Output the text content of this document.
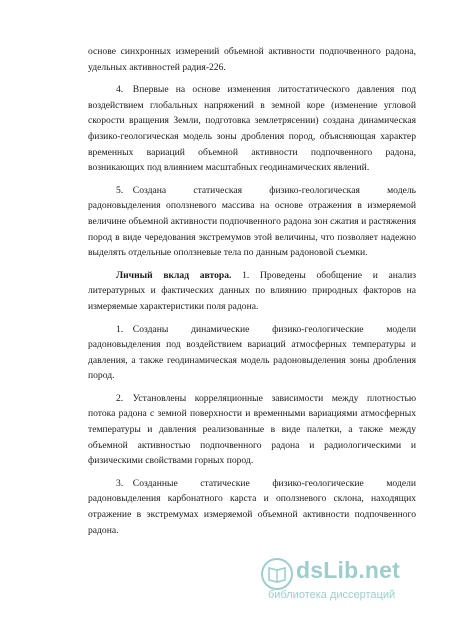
основе синхронных измерений объемной активности подпочвенного радона, удельных активностей радия-226.

4. Впервые на основе изменения литостатического давления под воздействием глобальных напряжений в земной коре (изменение угловой скорости вращения Земли, подготовка землетрясении) создана динамическая физико-геологическая модель зоны дробления пород, объясняющая характер временных вариаций объемной активности подпочвенного радона, возникающих под влиянием масштабных геодинамических явлений.

5. Создана статическая физико-геологическая модель радоновыделения оползневого массива на основе отражения в измеряемой величине объемной активности подпочвенного радона зон сжатия и растяжения пород в виде чередования экстремумов этой величины, что позволяет надежно выделять отдельные оползневые тела по данным радоновой съемки.

Личный вклад автора. 1. Проведены обобщение и анализ литературных и фактических данных по влиянию природных факторов на измеряемые характеристики поля радона.

1. Созданы динамические физико-геологические модели радоновыделения под воздействием вариаций атмосферных температуры и давления, а также геодинамическая модель радоновыделения зоны дробления пород.

2. Установлены корреляционные зависимости между плотностью потока радона с земной поверхности и временными вариациями атмосферных температуры и давления реализованные в виде палетки, а также между объемной активностью подпочвенного радона и радиологическими и физическими свойствами горных пород.

3. Созданные статические физико-геологические модели радоновыделения карбонатного карста и оползневого склона, находящих отражение в экстремумах измеряемой объемной активности подпочвенного радона.

dsLib.net
библиотека диссертаций
